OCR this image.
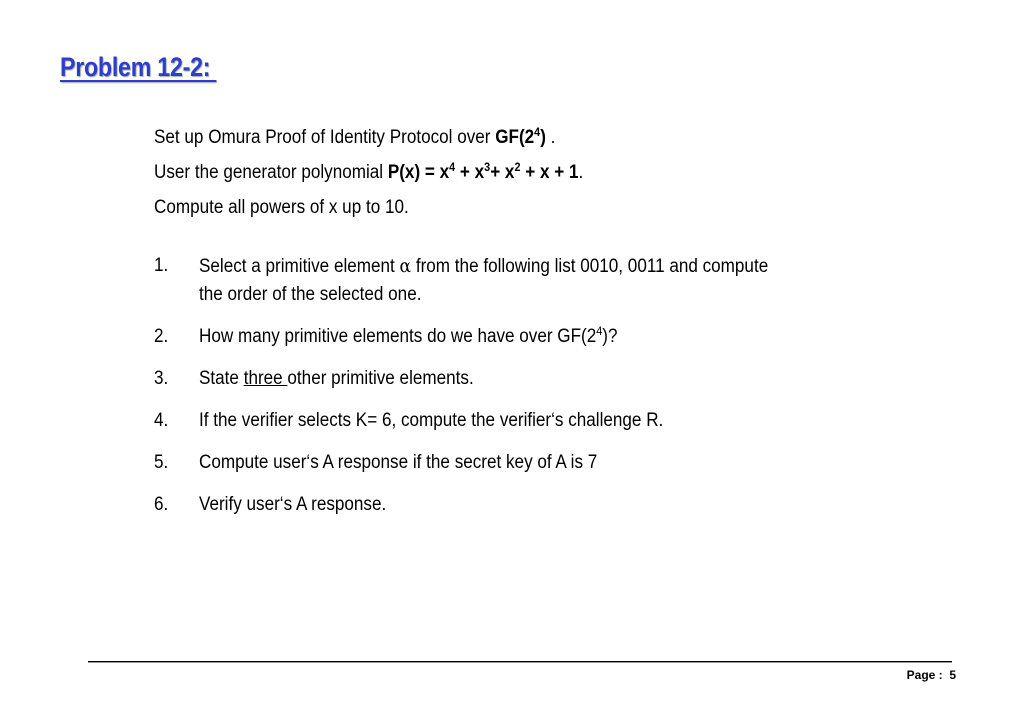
Problem 12-2:
Set up Omura Proof of Identity Protocol over $GF(2^4)$ .
User the generator polynomial $P(x) = x^4 + x^3+ x^2 + x + 1$.
Compute all powers of x up to 10.
1.	Select a primitive element α from the following list 0010, 0011 and compute
the order of the selected one.
2.	How many primitive elements do we have over $GF(2^4)$?
3.	State three other primitive elements.
4.	If the verifier selects K= 6, compute the verifier‘s challenge R.
5.	Compute user‘s A response if the secret key of A is 7
6.	Verify user‘s A response.
Page :  5
